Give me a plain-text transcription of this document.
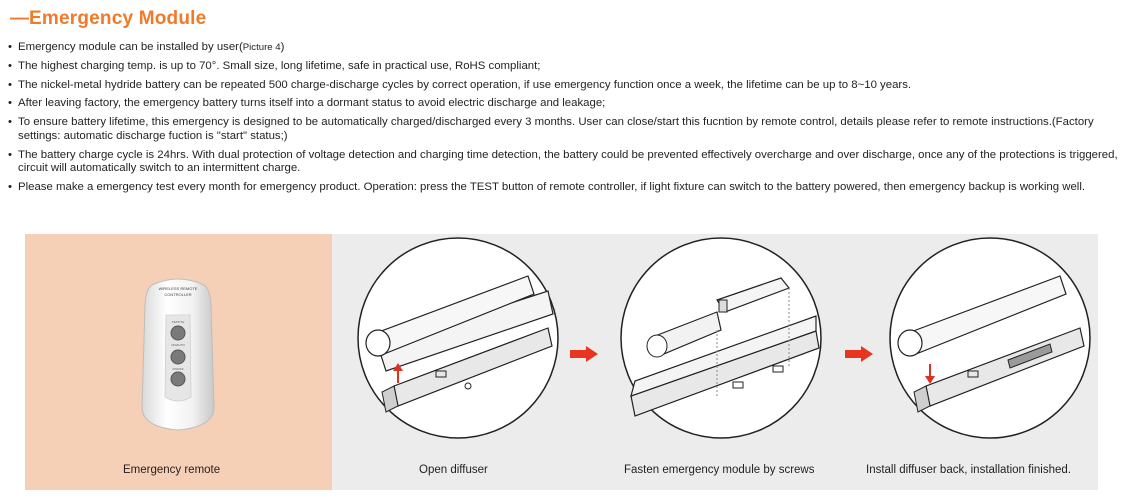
— Emergency Module
• Emergency module can be installed by user(Picture 4)
• The highest charging temp. is up to 70°. Small size, long lifetime, safe in practical use, RoHS compliant;
• The nickel-metal hydride battery can be repeated 500 charge-discharge cycles by correct operation, if use emergency function once a week, the lifetime can be up to 8~10 years.
• After leaving factory, the emergency battery turns itself into a dormant status to avoid electric discharge and leakage;
• To ensure battery lifetime, this emergency is designed to be automatically charged/discharged every 3 months. User can close/start this fucntion by remote control, details please refer to remote instructions.(Factory settings: automatic discharge fuction is "start" status;)
• The battery charge cycle is 24hrs. With dual protection of voltage detection and charging time detection, the battery could be prevented effectively overcharge and over discharge, once any of the protections is triggered, circuit will automatically switch to an intermittent charge.
• Please make a emergency test every month for emergency product. Operation: press the TEST button of remote controller, if light fixture can switch to the battery powered, then emergency backup is working well.
WIRELESS REMOTE
CONTROLLER
TEST/TH
ON/AUTO
ON/OFF
Emergency remote	Open diffuser	Fasten emergency module by screws	Install diffuser back, installation finished.
